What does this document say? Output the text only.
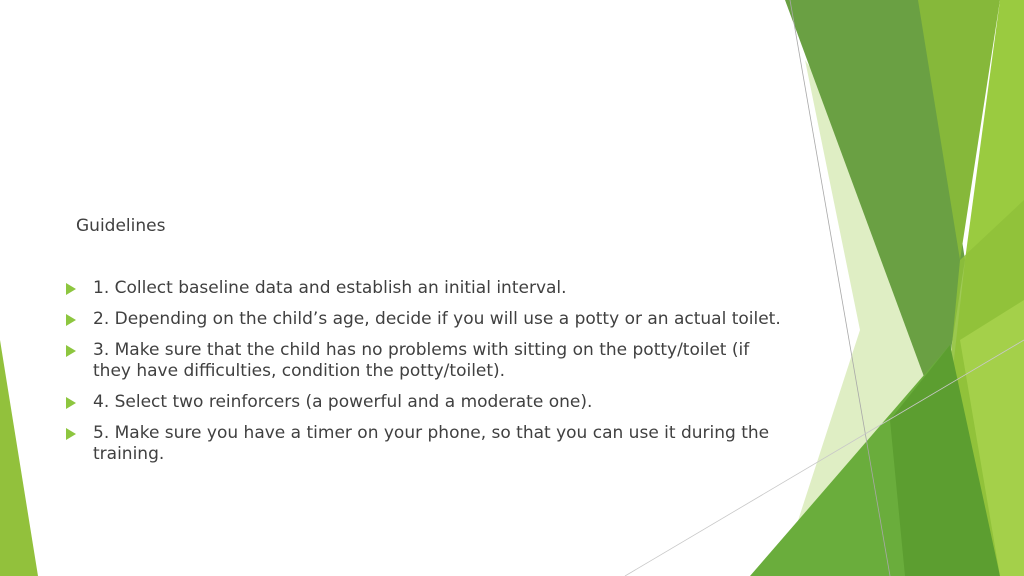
Guidelines
1. Collect baseline data and establish an initial interval.
2. Depending on the child’s age, decide if you will use a potty or an actual toilet.
3. Make sure that the child has no problems with sitting on the potty/toilet (if they have difficulties, condition the potty/toilet).
4. Select two reinforcers (a powerful and a moderate one).
5. Make sure you have a timer on your phone, so that you can use it during the training.
